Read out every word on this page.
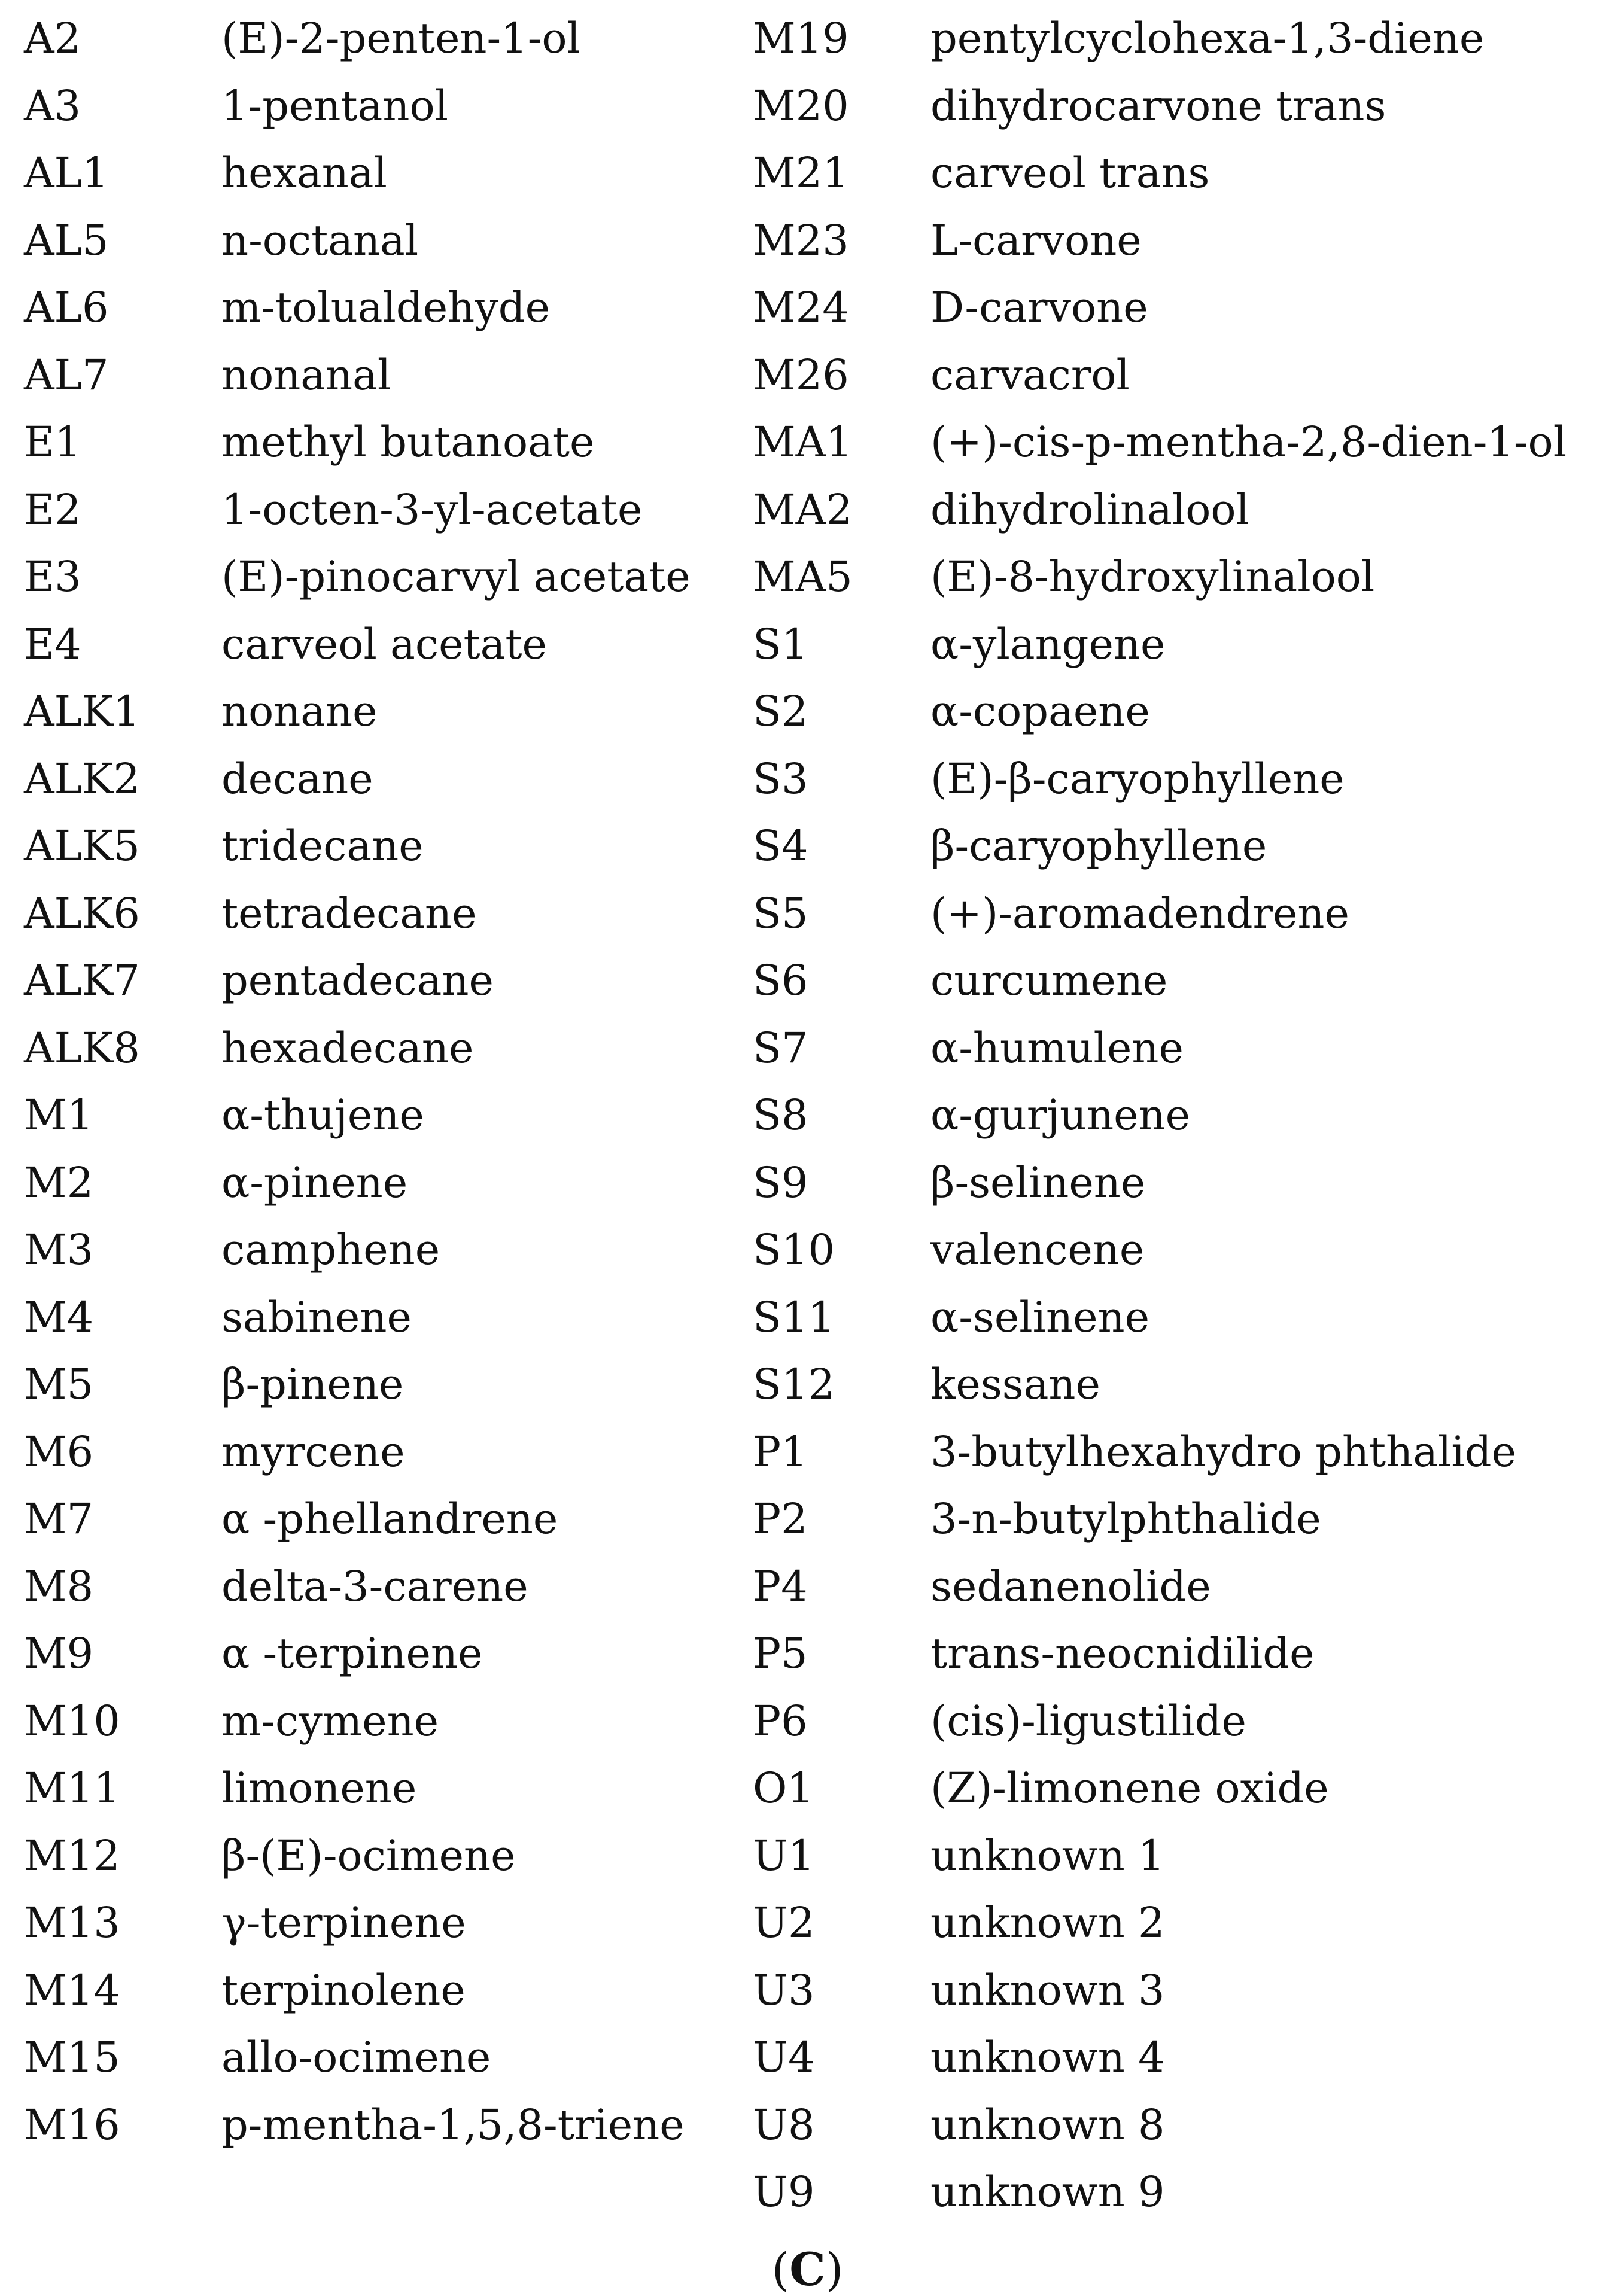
A2	(E)-2-penten-1-ol
A3	1-pentanol
AL1	hexanal
AL5	n-octanal
AL6	m-tolualdehyde
AL7	nonanal
E1	methyl butanoate
E2	1-octen-3-yl-acetate
E3	(E)-pinocarvyl acetate
E4	carveol acetate
ALK1 nonane
ALK2 decane
ALK5 tridecane
ALK6 tetradecane
ALK7 pentadecane
ALK8 hexadecane
M1	α-thujene
M2	α-pinene
M3	camphene
M4	sabinene
M5	β-pinene
M6	myrcene
M7	α -phellandrene
M8	delta-3-carene
M9	α -terpinene
M10 m-cymene
M11 limonene
M12 β-(E)-ocimene
M13 γ-terpinene
M14 terpinolene
M15 allo-ocimene
M16 p-mentha-1,5,8-triene
M19 pentylcyclohexa-1,3-diene
M20 dihydrocarvone trans
M21 carveol trans
M23 L-carvone
M24 D-carvone
M26 carvacrol
MA1 (+)-cis-p-mentha-2,8-dien-1-ol
MA2 dihydrolinalool
MA5 (E)-8-hydroxylinalool
S1	α-ylangene
S2	α-copaene
S3	(E)-β-caryophyllene
S4	β-caryophyllene
S5	(+)-aromadendrene
S6	curcumene
S7	α-humulene
S8	α-gurjunene
S9	β-selinene
S10 valencene
S11 α-selinene
S12 kessane
P1	3-butylhexahydro phthalide
P2	3-n-butylphthalide
P4	sedanenolide
P5	trans-neocnidilide
P6	(cis)-ligustilide
O1	(Z)-limonene oxide
U1	unknown 1
U2	unknown 2
U3	unknown 3
U4	unknown 4
U8	unknown 8
U9	unknown 9
(C)
